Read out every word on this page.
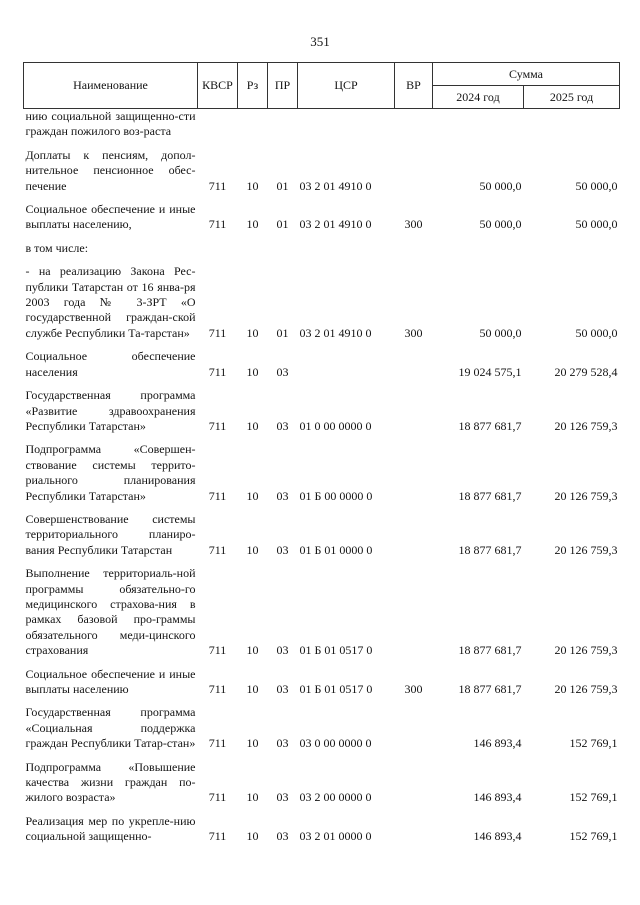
351
Наименование	КВСР	Рз	ПР	ЦСР	ВР	Сумма	
						2024 год	2025 год
нию социальной защищенно-сти граждан пожилого воз-раста							
Доплаты к пенсиям, допол-нительное пенсионное обес-печение	711	10	01	03 2 01 4910 0		50 000,0	50 000,0
Социальное обеспечение и иные выплаты населению,	711	10	01	03 2 01 4910 0	300	50 000,0	50 000,0
в том числе:							
- на реализацию Закона Рес-публики Татарстан от 16 янва-ря 2003 года № 3-ЗРТ «О государственной граждан-ской службе Республики Та-тарстан»	711	10	01	03 2 01 4910 0	300	50 000,0	50 000,0
Социальное обеспечение населения	711	10	03			19 024 575,1	20 279 528,4
Государственная программа «Развитие здравоохранения Республики Татарстан»	711	10	03	01 0 00 0000 0		18 877 681,7	20 126 759,3
Подпрограмма «Совершен-ствование системы террито-риального планирования Республики Татарстан»	711	10	03	01 Б 00 0000 0		18 877 681,7	20 126 759,3
Совершенствование системы территориального планиро-вания Республики Татарстан	711	10	03	01 Б 01 0000 0		18 877 681,7	20 126 759,3
Выполнение территориаль-ной программы обязательно-го медицинского страхова-ния в рамках базовой про-граммы обязательного меди-цинского страхования	711	10	03	01 Б 01 0517 0		18 877 681,7	20 126 759,3
Социальное обеспечение и иные выплаты населению	711	10	03	01 Б 01 0517 0	300	18 877 681,7	20 126 759,3
Государственная программа «Социальная поддержка граждан Республики Татар-стан»	711	10	03	03 0 00 0000 0		146 893,4	152 769,1
Подпрограмма «Повышение качества жизни граждан по-жилого возраста»	711	10	03	03 2 00 0000 0		146 893,4	152 769,1
Реализация мер по укрепле-нию социальной защищенно-	711	10	03	03 2 01 0000 0		146 893,4	152 769,1
